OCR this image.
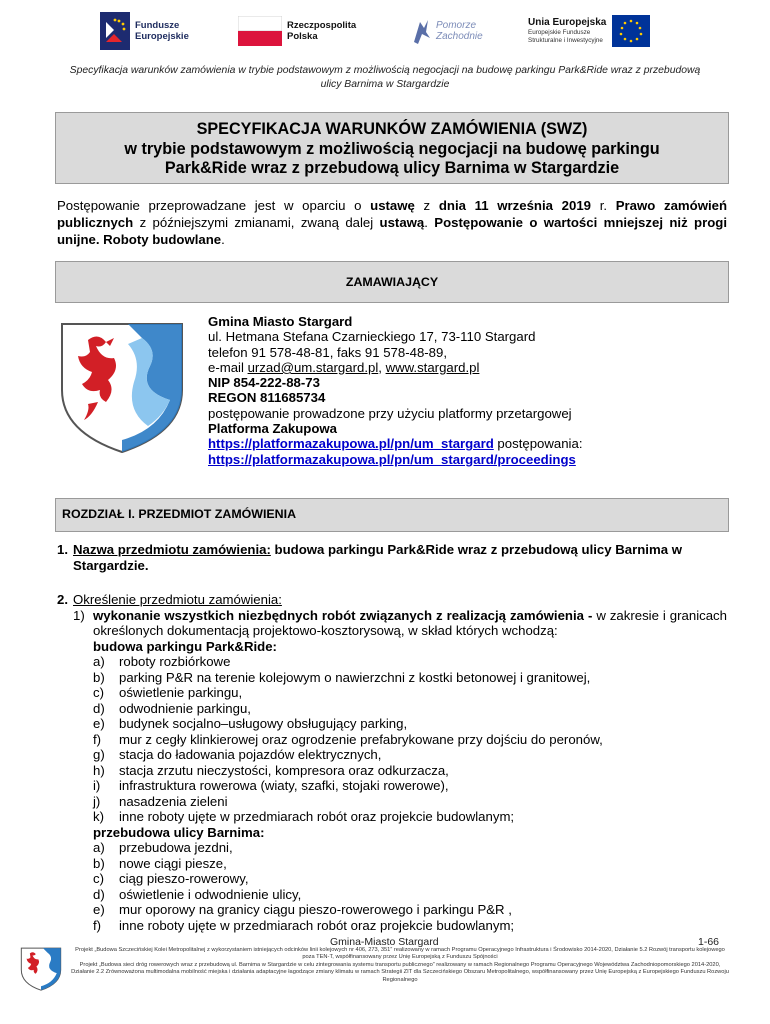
Fundusze
Europejskie
Rzeczpospolita
Polska
Pomorze
Zachodnie
Unia Europejska
Europejskie Fundusze
Strukturalne i Inwestycyjne
Specyfikacja warunków zamówienia w trybie podstawowym z możliwością negocjacji na budowę parkingu Park&Ride wraz z przebudową ulicy Barnima w Stargardzie
SPECYFIKACJA WARUNKÓW ZAMÓWIENIA (SWZ)
w trybie podstawowym z możliwością negocjacji na budowę parkingu
Park&Ride wraz z przebudową ulicy Barnima w Stargardzie
Postępowanie przeprowadzane jest w oparciu o ustawę z dnia 11 września 2019 r. Prawo zamówień publicznych z późniejszymi zmianami, zwaną dalej ustawą. Postępowanie o wartości mniejszej niż progi unijne. Roboty budowlane.
ZAMAWIAJĄCY
Gmina Miasto Stargard
ul. Hetmana Stefana Czarnieckiego 17, 73-110 Stargard
telefon 91 578-48-81, faks 91 578-48-89,
e-mail urzad@um.stargard.pl, www.stargard.pl
NIP 854-222-88-73
REGON 811685734
postępowanie prowadzone przy użyciu platformy przetargowej
Platforma Zakupowa
https://platformazakupowa.pl/pn/um_stargard postępowania:
https://platformazakupowa.pl/pn/um_stargard/proceedings
ROZDZIAŁ I. PRZEDMIOT ZAMÓWIENIA
1. Nazwa przedmiotu zamówienia: budowa parkingu Park&Ride wraz z przebudową ulicy Barnima w Stargardzie.
2. Określenie przedmiotu zamówienia:
1) wykonanie wszystkich niezbędnych robót związanych z realizacją zamówienia - w zakresie i granicach określonych dokumentacją projektowo-kosztorysową, w skład których wchodzą:
budowa parkingu Park&Ride:
a) roboty rozbiórkowe
b) parking P&R na terenie kolejowym o nawierzchni z kostki betonowej i granitowej,
c) oświetlenie parkingu,
d) odwodnienie parkingu,
e) budynek socjalno–usługowy obsługujący parking,
f) mur z cegły klinkierowej oraz ogrodzenie prefabrykowane przy dojściu do peronów,
g) stacja do ładowania pojazdów elektrycznych,
h) stacja zrzutu nieczystości, kompresora oraz odkurzacza,
i) infrastruktura rowerowa (wiaty, szafki, stojaki rowerowe),
j) nasadzenia zieleni
k) inne roboty ujęte w przedmiarach robót oraz projekcie budowlanym;
przebudowa ulicy Barnima:
a) przebudowa jezdni,
b) nowe ciągi piesze,
c) ciąg pieszo-rowerowy,
d) oświetlenie i odwodnienie ulicy,
e) mur oporowy na granicy ciągu pieszo-rowerowego i parkingu P&R ,
f) inne roboty ujęte w przedmiarach robót oraz projekcie budowlanym;
Gmina-Miasto Stargard	1-66
Projekt „Budowa Szczecińskiej Kolei Metropolitalnej z wykorzystaniem istniejących odcinków linii kolejowych nr 406, 273, 351” realizowany w ramach Programu Operacyjnego Infrastruktura i Środowisko 2014-2020, Działanie 5.2 Rozwój transportu kolejowego poza TEN-T, współfinansowany przez Unię Europejską z Funduszu Spójności
Projekt „Budowa sieci dróg rowerowych wraz z przebudową ul. Barnima w Stargardzie w celu zintegrowania systemu transportu publicznego” realizowany w ramach Regionalnego Programu Operacyjnego Województwa Zachodniopomorskiego 2014-2020, Działanie 2.2 Zrównoważona multimodalna mobilność miejska i działania adaptacyjne łagodzące zmiany klimatu w ramach Strategii ZIT dla Szczecińskiego Obszaru Metropolitalnego, współfinansowany przez Unię Europejską z Europejskiego Funduszu Rozwoju Regionalnego
